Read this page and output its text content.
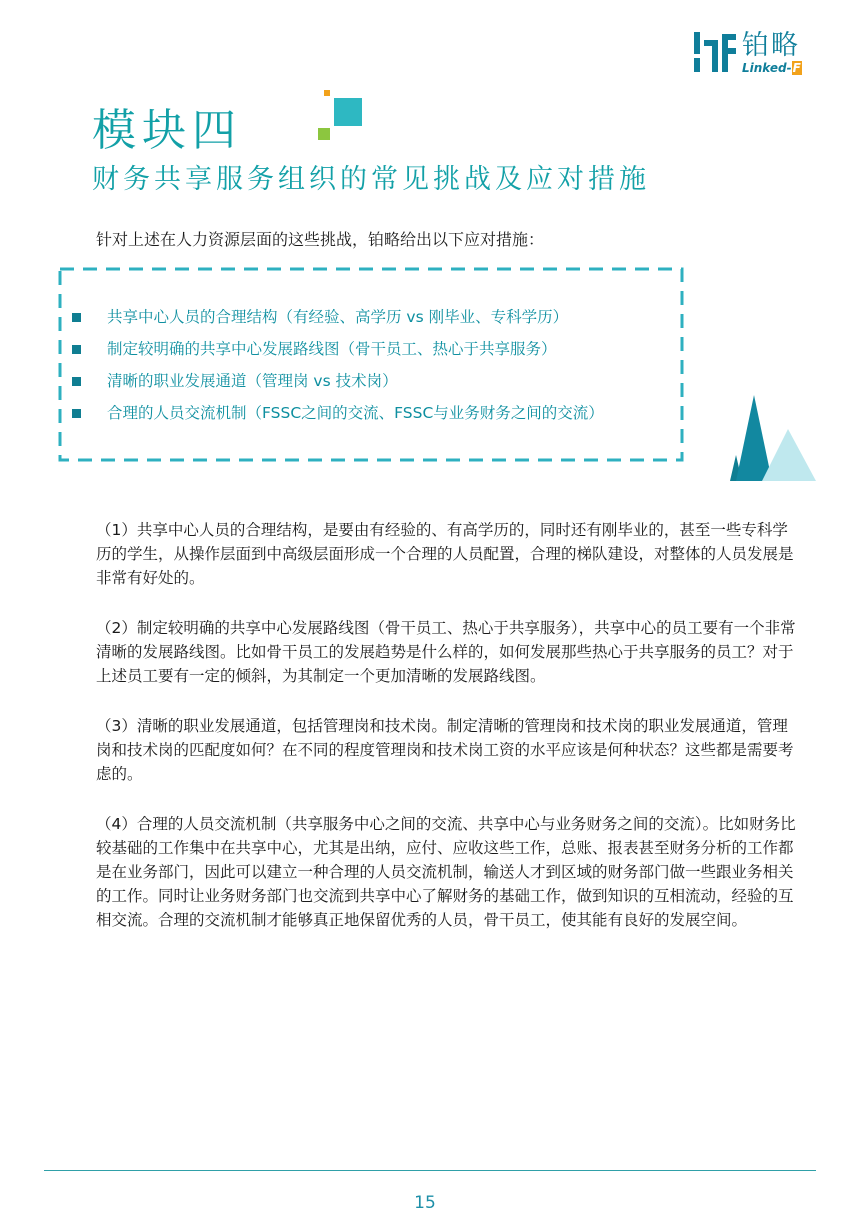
铂略
Linked-F
模块四
财务共享服务组织的常见挑战及应对措施
针对上述在人力资源层面的这些挑战，铂略给出以下应对措施：
共享中心人员的合理结构（有经验、高学历 vs 刚毕业、专科学历）
制定较明确的共享中心发展路线图（骨干员工、热心于共享服务）
清晰的职业发展通道（管理岗 vs 技术岗）
合理的人员交流机制（FSSC之间的交流、FSSC与业务财务之间的交流）

（1）共享中心人员的合理结构，是要由有经验的、有高学历的，同时还有刚毕业的，甚至一些专科学历的学生，从操作层面到中高级层面形成一个合理的人员配置，合理的梯队建设，对整体的人员发展是非常有好处的。

（2）制定较明确的共享中心发展路线图（骨干员工、热心于共享服务），共享中心的员工要有一个非常清晰的发展路线图。比如骨干员工的发展趋势是什么样的，如何发展那些热心于共享服务的员工？对于上述员工要有一定的倾斜，为其制定一个更加清晰的发展路线图。

（3）清晰的职业发展通道，包括管理岗和技术岗。制定清晰的管理岗和技术岗的职业发展通道，管理岗和技术岗的匹配度如何？在不同的程度管理岗和技术岗工资的水平应该是何种状态？这些都是需要考虑的。

（4）合理的人员交流机制（共享服务中心之间的交流、共享中心与业务财务之间的交流）。比如财务比较基础的工作集中在共享中心，尤其是出纳，应付、应收这些工作，总账、报表甚至财务分析的工作都是在业务部门，因此可以建立一种合理的人员交流机制，输送人才到区域的财务部门做一些跟业务相关的工作。同时让业务财务部门也交流到共享中心了解财务的基础工作，做到知识的互相流动，经验的互相交流。合理的交流机制才能够真正地保留优秀的人员，骨干员工，使其能有良好的发展空间。

15
